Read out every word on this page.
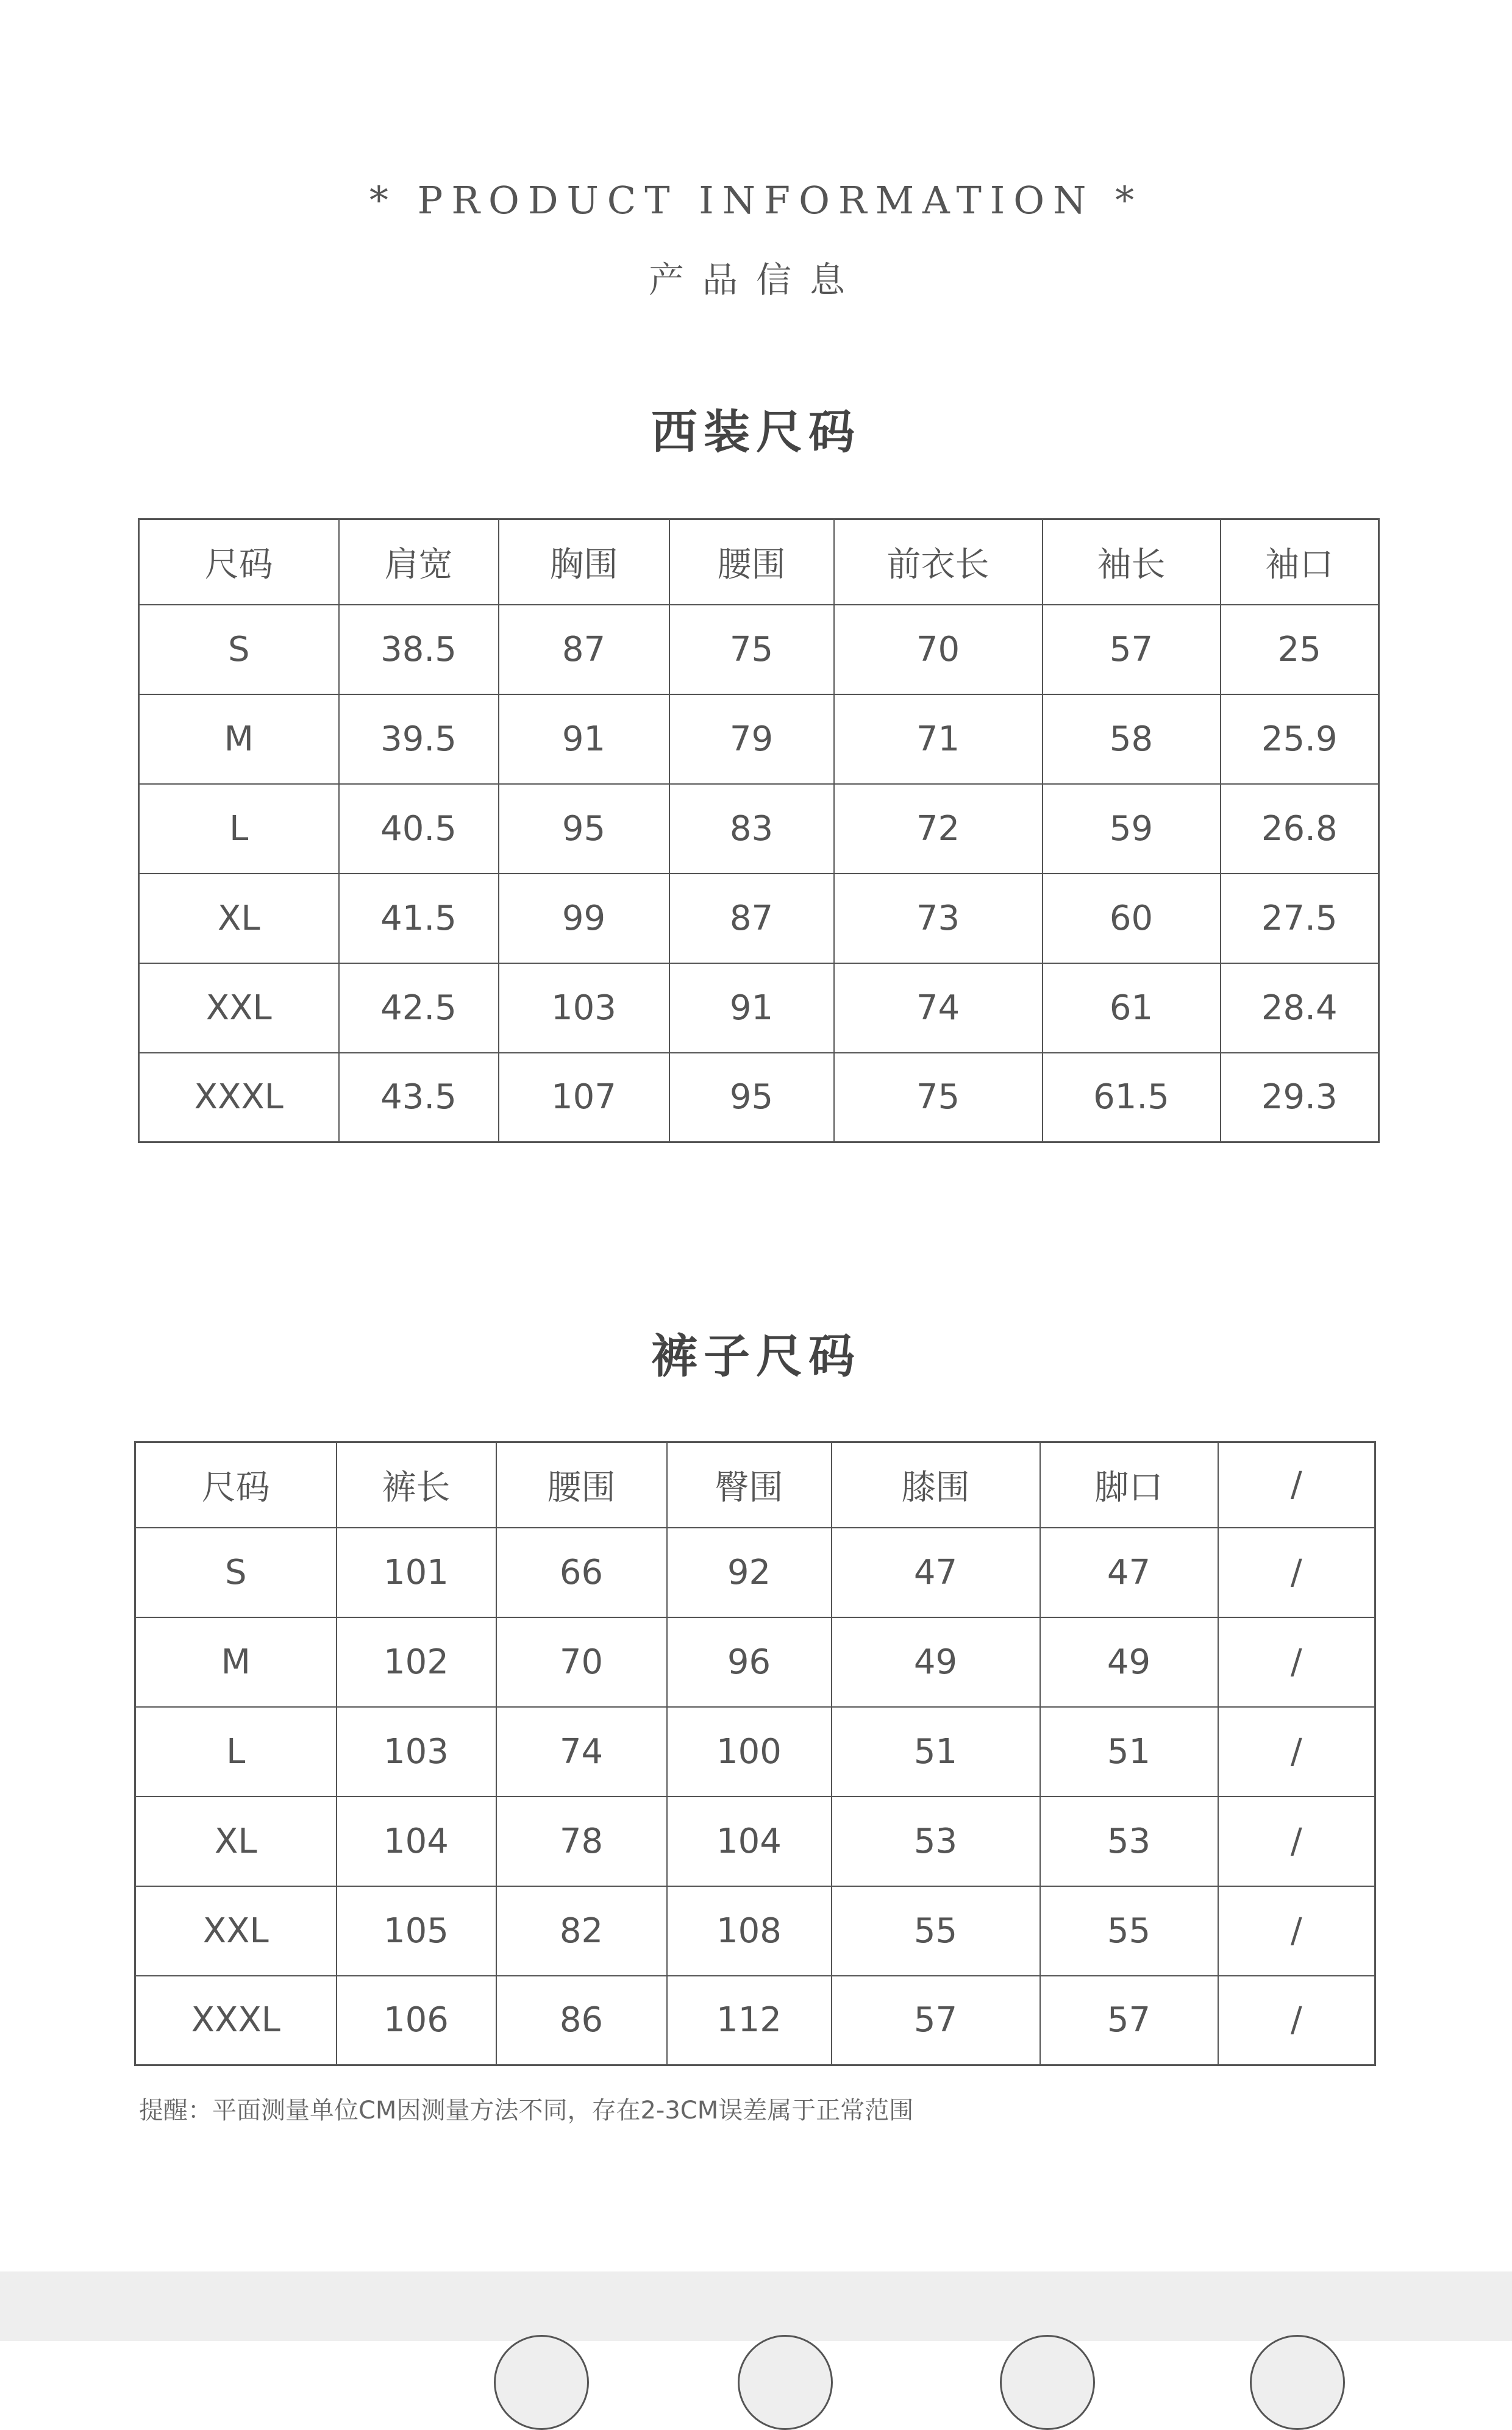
* PRODUCT INFORMATION *
产品信息
西装尺码
尺码	肩宽	胸围	腰围	前衣长	袖长	袖口
S	38.5	87	75	70	57	25
M	39.5	91	79	71	58	25.9
L	40.5	95	83	72	59	26.8
XL	41.5	99	87	73	60	27.5
XXL	42.5	103	91	74	61	28.4
XXXL	43.5	107	95	75	61.5	29.3
裤子尺码
尺码	裤长	腰围	臀围	膝围	脚口	/
S	101	66	92	47	47	/
M	102	70	96	49	49	/
L	103	74	100	51	51	/
XL	104	78	104	53	53	/
XXL	105	82	108	55	55	/
XXXL	106	86	112	57	57	/
提醒：平面测量单位CM因测量方法不同，存在2-3CM误差属于正常范围
